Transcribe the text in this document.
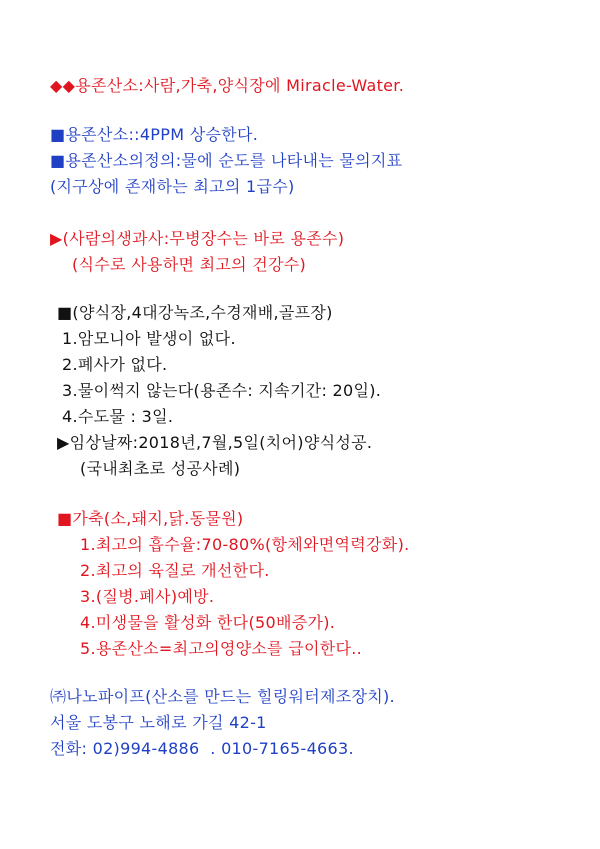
◆◆용존산소:사람,가축,양식장에 Miracle-Water.
■용존산소::4PPM 상승한다.
■용존산소의정의:물에 순도를 나타내는 물의지표
(지구상에 존재하는 최고의 1급수)
▶(사람의생과사:무병장수는 바로 용존수)
(식수로 사용하면 최고의 건강수)
■(양식장,4대강녹조,수경재배,골프장)
1.암모니아 발생이 없다.
2.폐사가 없다.
3.물이썩지 않는다(용존수: 지속기간: 20일).
4.수도물 : 3일.
▶임상날짜:2018년,7월,5일(치어)양식성공.
(국내최초로 성공사례)
■가축(소,돼지,닭.동물원)
1.최고의 흡수율:70-80%(항체와면역력강화).
2.최고의 육질로 개선한다.
3.(질병.폐사)예방.
4.미생물을 활성화 한다(50배증가).
5.용존산소=최고의영양소를 급이한다..
㈜나노파이프(산소를 만드는 힐링워터제조장치).
서울 도봉구 노해로 가길 42-1
전화: 02)994-4886  . 010-7165-4663.
